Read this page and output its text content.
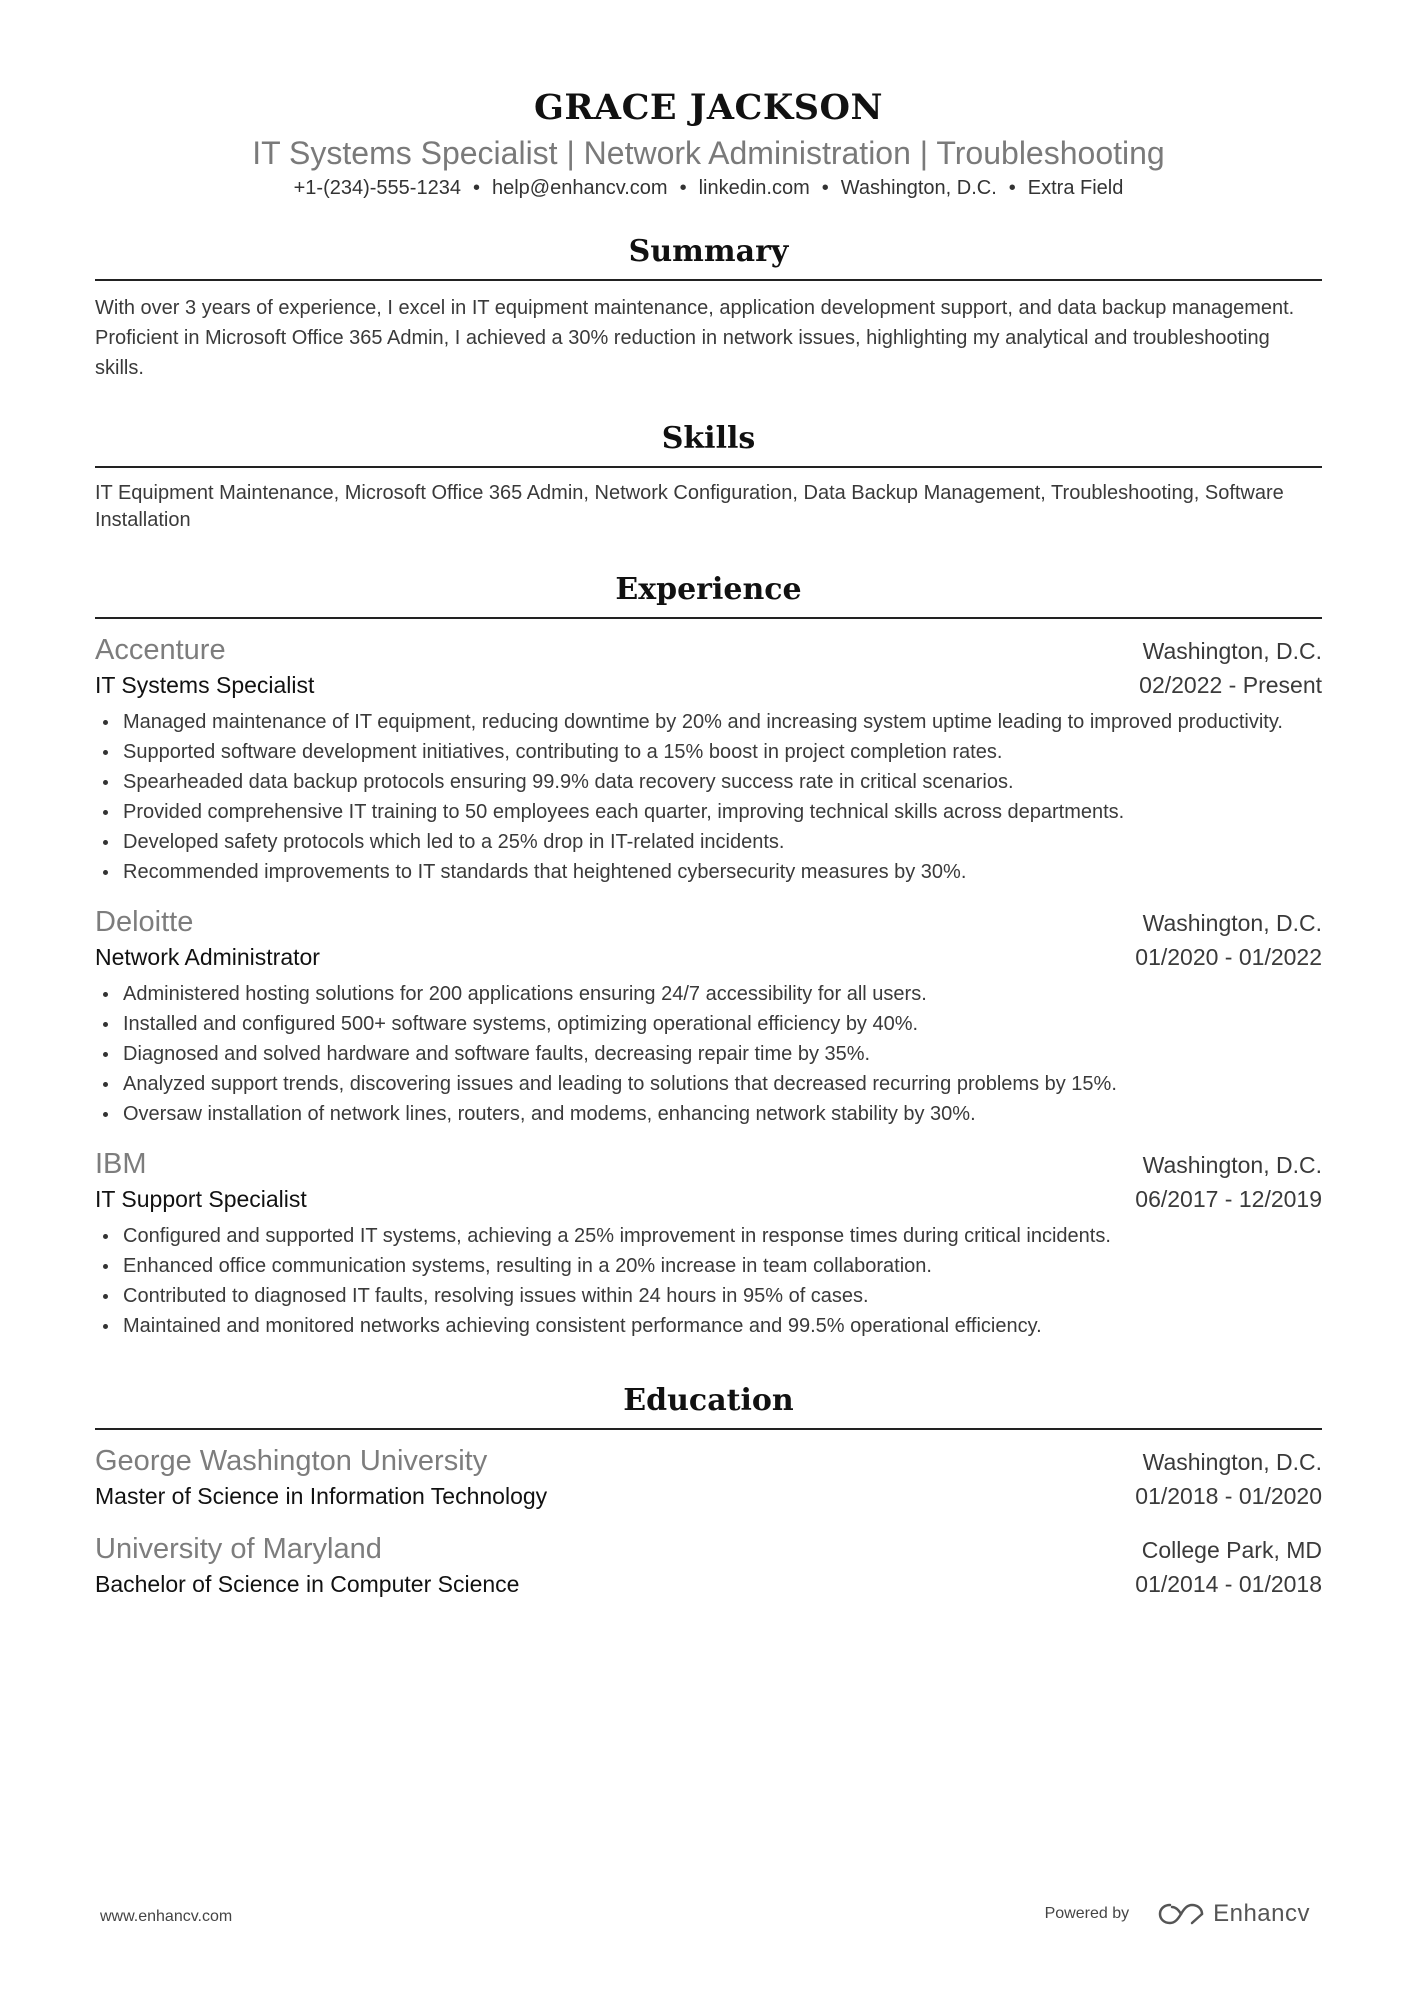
GRACE JACKSON
IT Systems Specialist | Network Administration | Troubleshooting
+1-(234)-555-1234 • help@enhancv.com • linkedin.com • Washington, D.C. • Extra Field
Summary
With over 3 years of experience, I excel in IT equipment maintenance, application development support, and data backup management. Proficient in Microsoft Office 365 Admin, I achieved a 30% reduction in network issues, highlighting my analytical and troubleshooting skills.
Skills
IT Equipment Maintenance, Microsoft Office 365 Admin, Network Configuration, Data Backup Management, Troubleshooting, Software Installation
Experience
Accenture	Washington, D.C.
IT Systems Specialist	02/2022 - Present
Managed maintenance of IT equipment, reducing downtime by 20% and increasing system uptime leading to improved productivity.
Supported software development initiatives, contributing to a 15% boost in project completion rates.
Spearheaded data backup protocols ensuring 99.9% data recovery success rate in critical scenarios.
Provided comprehensive IT training to 50 employees each quarter, improving technical skills across departments.
Developed safety protocols which led to a 25% drop in IT-related incidents.
Recommended improvements to IT standards that heightened cybersecurity measures by 30%.
Deloitte	Washington, D.C.
Network Administrator	01/2020 - 01/2022
Administered hosting solutions for 200 applications ensuring 24/7 accessibility for all users.
Installed and configured 500+ software systems, optimizing operational efficiency by 40%.
Diagnosed and solved hardware and software faults, decreasing repair time by 35%.
Analyzed support trends, discovering issues and leading to solutions that decreased recurring problems by 15%.
Oversaw installation of network lines, routers, and modems, enhancing network stability by 30%.
IBM	Washington, D.C.
IT Support Specialist	06/2017 - 12/2019
Configured and supported IT systems, achieving a 25% improvement in response times during critical incidents.
Enhanced office communication systems, resulting in a 20% increase in team collaboration.
Contributed to diagnosed IT faults, resolving issues within 24 hours in 95% of cases.
Maintained and monitored networks achieving consistent performance and 99.5% operational efficiency.
Education
George Washington University	Washington, D.C.
Master of Science in Information Technology	01/2018 - 01/2020
University of Maryland	College Park, MD
Bachelor of Science in Computer Science	01/2014 - 01/2018
www.enhancv.com	Powered by	Enhancv
